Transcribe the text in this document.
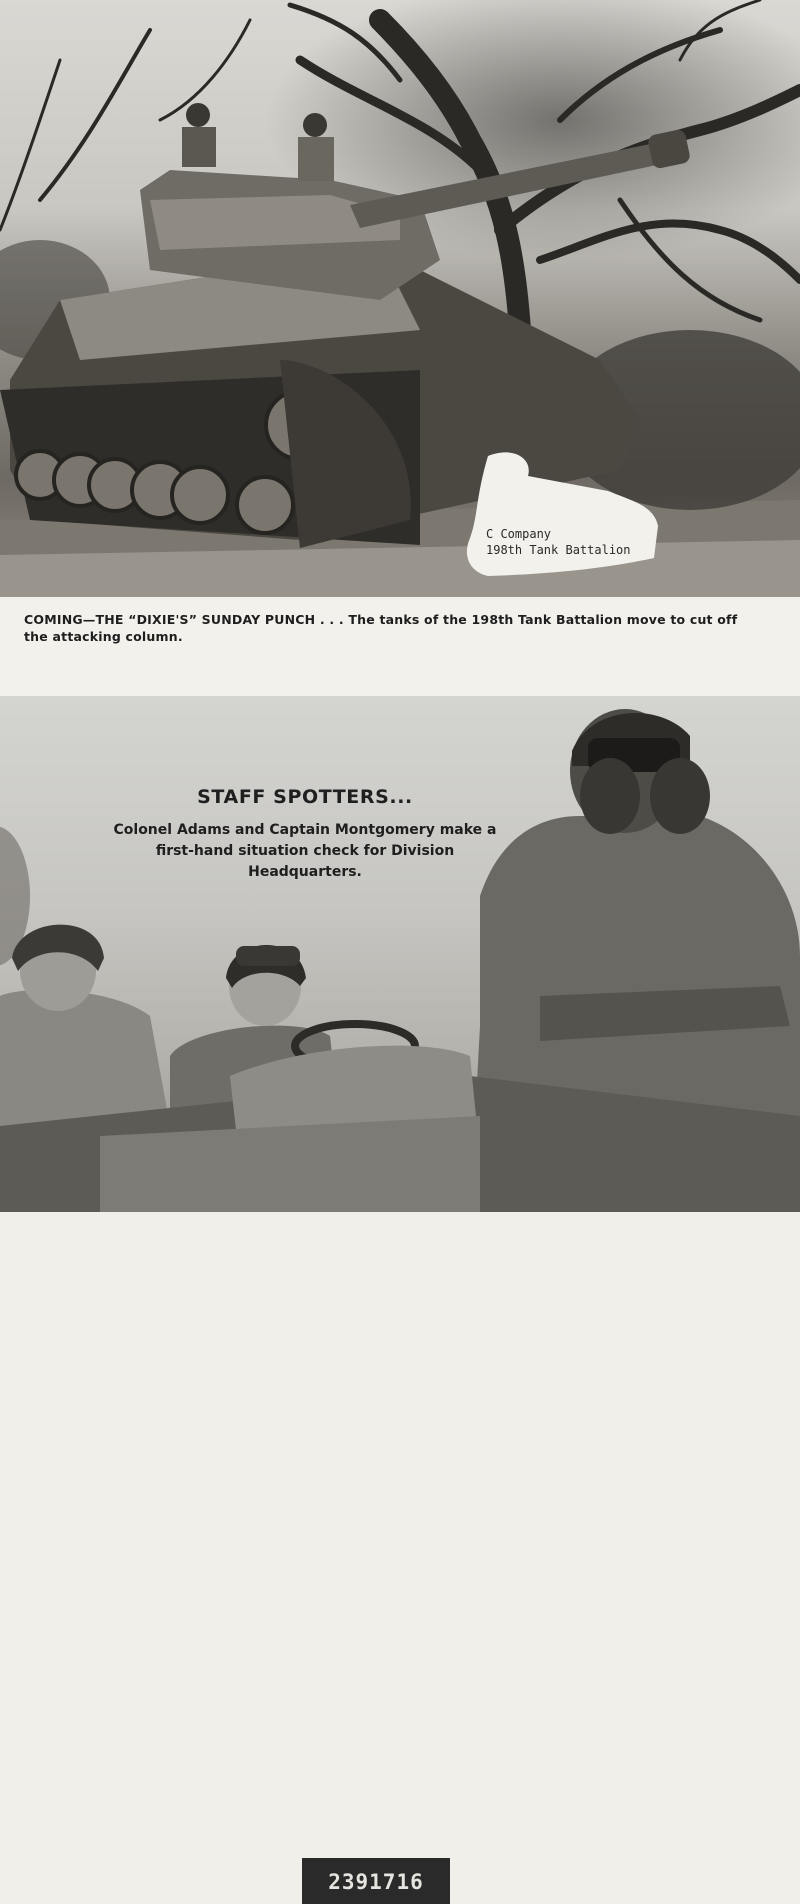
C Company
198th Tank Battalion

COMING—THE “DIXIE'S” SUNDAY PUNCH . . . The tanks of the 198th Tank Battalion move to cut off the attacking column.

2391716
STAFF SPOTTERS...

Colonel Adams and Captain Montgomery make a first-hand situation check for Division Headquarters.
